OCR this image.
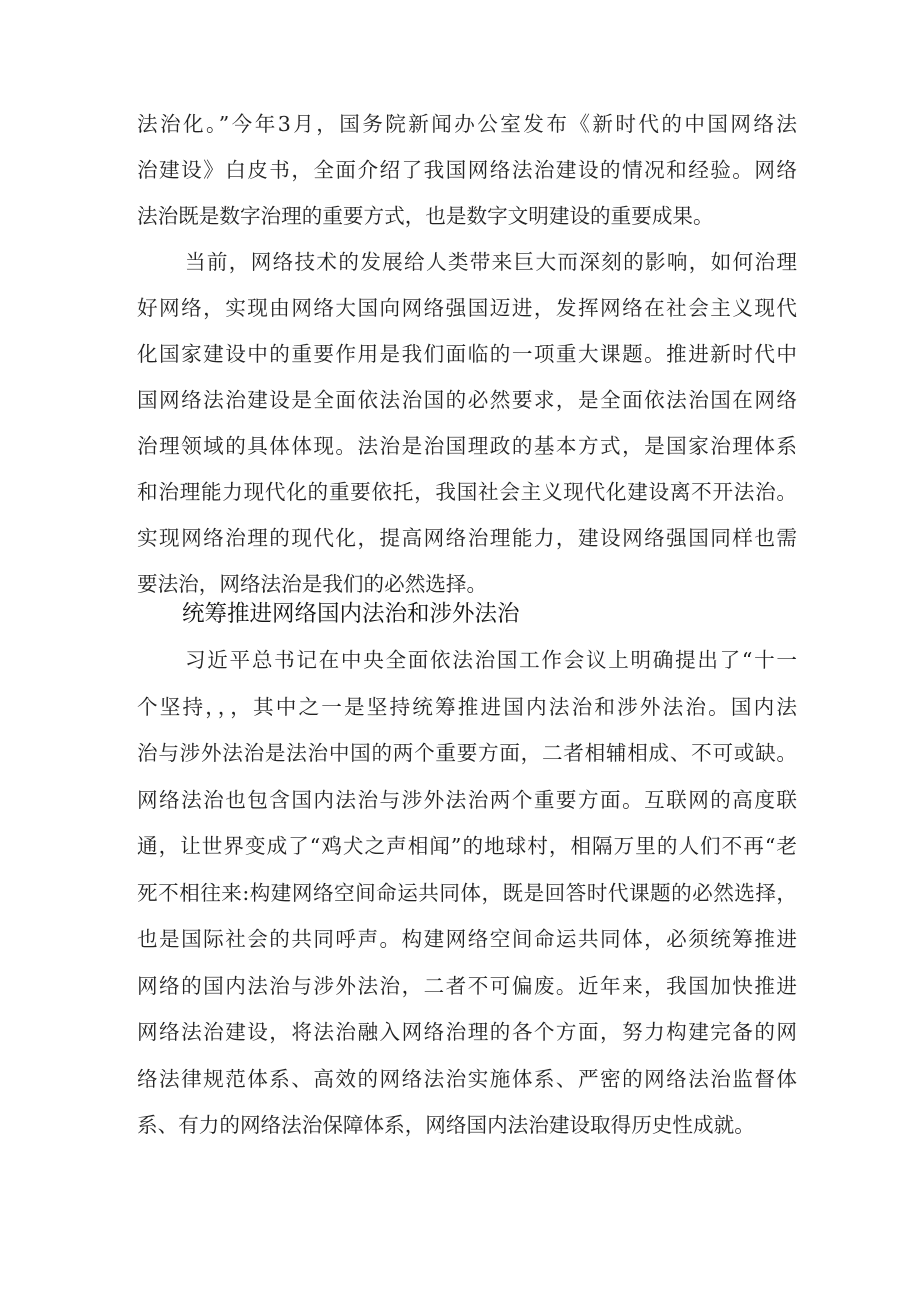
法治化。”今年3月，国务院新闻办公室发布《新时代的中国网络法
治建设》白皮书，全面介绍了我国网络法治建设的情况和经验。网络
法治既是数字治理的重要方式，也是数字文明建设的重要成果。
当前，网络技术的发展给人类带来巨大而深刻的影响，如何治理
好网络，实现由网络大国向网络强国迈进，发挥网络在社会主义现代
化国家建设中的重要作用是我们面临的一项重大课题。推进新时代中
国网络法治建设是全面依法治国的必然要求，是全面依法治国在网络
治理领域的具体体现。法治是治国理政的基本方式，是国家治理体系
和治理能力现代化的重要依托，我国社会主义现代化建设离不开法治。
实现网络治理的现代化，提高网络治理能力，建设网络强国同样也需
要法治，网络法治是我们的必然选择。
统筹推进网络国内法治和涉外法治
习近平总书记在中央全面依法治国工作会议上明确提出了“十一
个坚持，，，其中之一是坚持统筹推进国内法治和涉外法治。国内法
治与涉外法治是法治中国的两个重要方面，二者相辅相成、不可或缺。
网络法治也包含国内法治与涉外法治两个重要方面。互联网的高度联
通，让世界变成了“鸡犬之声相闻”的地球村，相隔万里的人们不再“老
死不相往来:构建网络空间命运共同体，既是回答时代课题的必然选择，
也是国际社会的共同呼声。构建网络空间命运共同体，必须统筹推进
网络的国内法治与涉外法治，二者不可偏废。近年来，我国加快推进
网络法治建设，将法治融入网络治理的各个方面，努力构建完备的网
络法律规范体系、高效的网络法治实施体系、严密的网络法治监督体
系、有力的网络法治保障体系，网络国内法治建设取得历史性成就。
